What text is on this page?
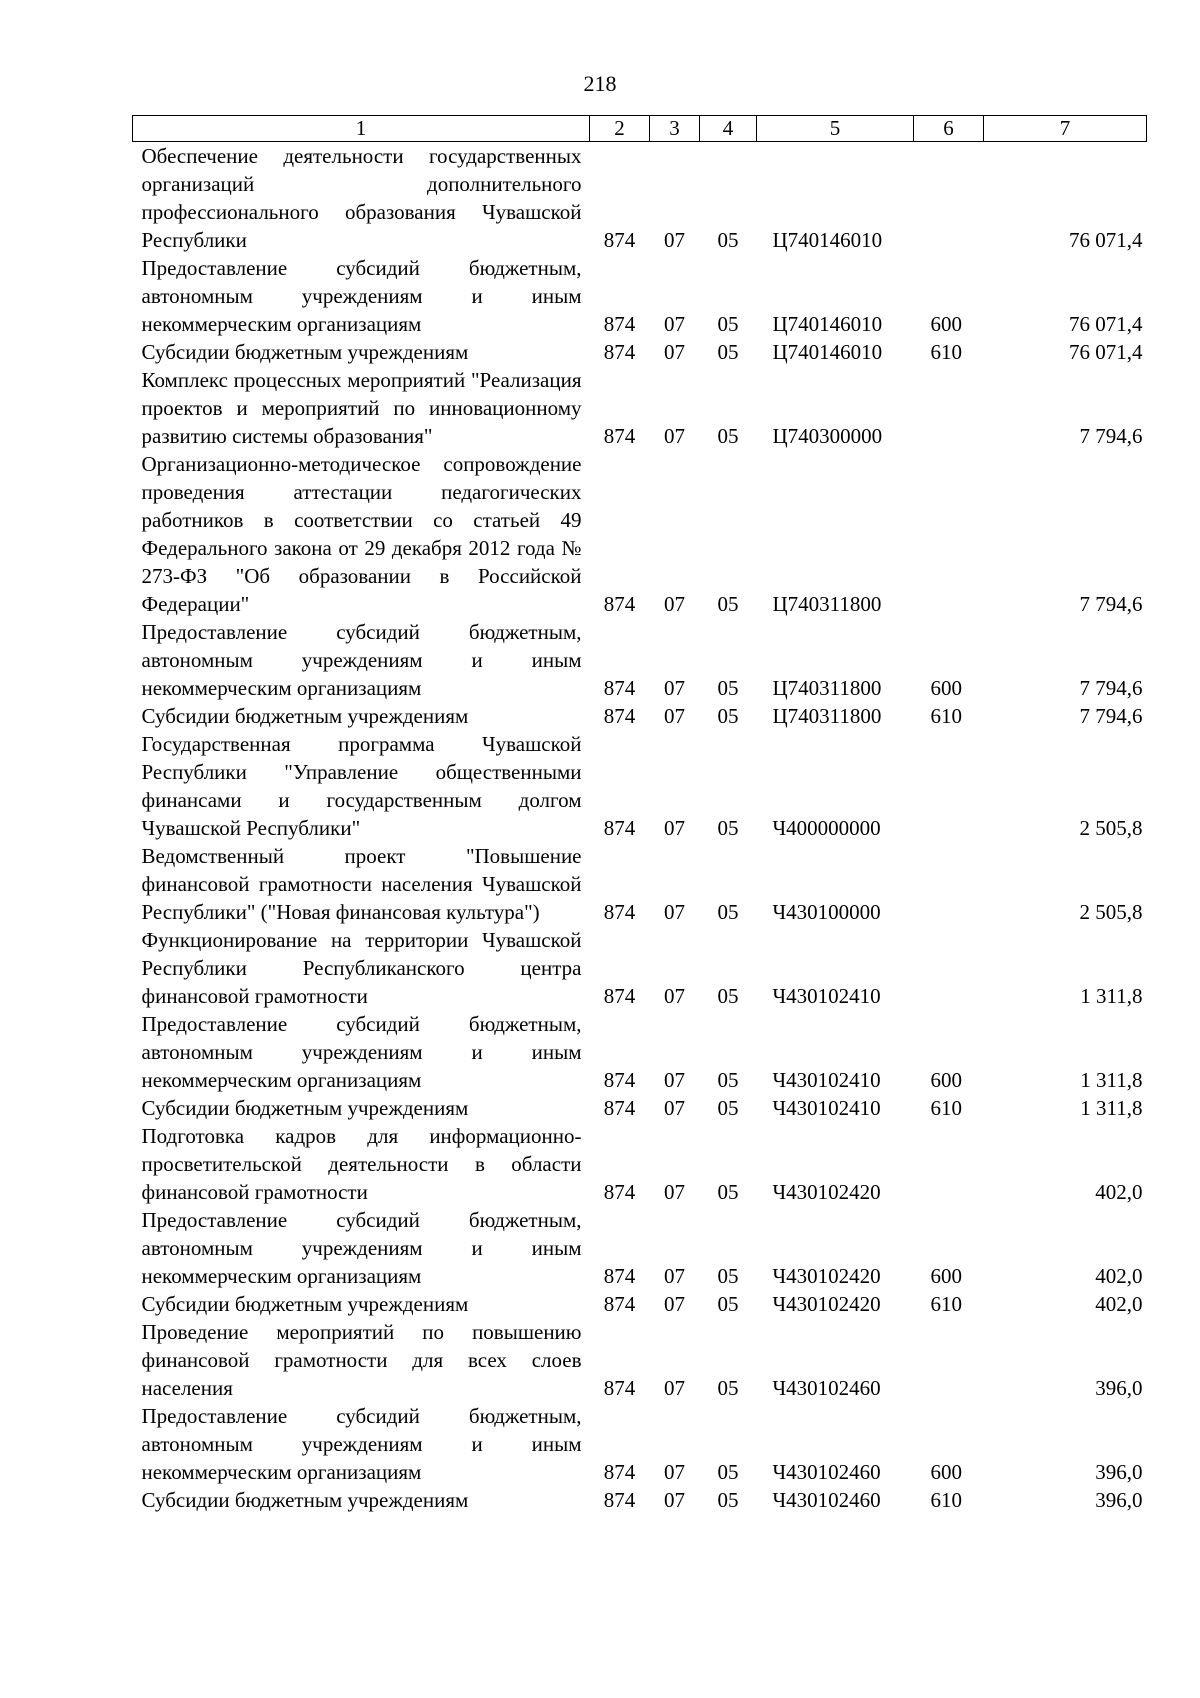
218
1	2	3	4	5	6	7
Обеспечение деятельности государственных организаций дополнительного профессионального образования Чувашской Республики	874	07	05	Ц740146010		76 071,4
Предоставление субсидий бюджетным, автономным учреждениям и иным некоммерческим организациям	874	07	05	Ц740146010	600	76 071,4
Субсидии бюджетным учреждениям	874	07	05	Ц740146010	610	76 071,4
Комплекс процессных мероприятий "Реализация проектов и мероприятий по инновационному развитию системы образования"	874	07	05	Ц740300000		7 794,6
Организационно-методическое сопровождение проведения аттестации педагогических работников в соответствии со статьей 49 Федерального закона от 29 декабря 2012 года № 273-ФЗ "Об образовании в Российской Федерации"	874	07	05	Ц740311800		7 794,6
Предоставление субсидий бюджетным, автономным учреждениям и иным некоммерческим организациям	874	07	05	Ц740311800	600	7 794,6
Субсидии бюджетным учреждениям	874	07	05	Ц740311800	610	7 794,6
Государственная программа Чувашской Республики "Управление общественными финансами и государственным долгом Чувашской Республики"	874	07	05	Ч400000000		2 505,8
Ведомственный проект "Повышение финансовой грамотности населения Чувашской Республики" ("Новая финансовая культура")	874	07	05	Ч430100000		2 505,8
Функционирование на территории Чувашской Республики Республиканского центра финансовой грамотности	874	07	05	Ч430102410		1 311,8
Предоставление субсидий бюджетным, автономным учреждениям и иным некоммерческим организациям	874	07	05	Ч430102410	600	1 311,8
Субсидии бюджетным учреждениям	874	07	05	Ч430102410	610	1 311,8
Подготовка кадров для информационно-просветительской деятельности в области финансовой грамотности	874	07	05	Ч430102420		402,0
Предоставление субсидий бюджетным, автономным учреждениям и иным некоммерческим организациям	874	07	05	Ч430102420	600	402,0
Субсидии бюджетным учреждениям	874	07	05	Ч430102420	610	402,0
Проведение мероприятий по повышению финансовой грамотности для всех слоев населения	874	07	05	Ч430102460		396,0
Предоставление субсидий бюджетным, автономным учреждениям и иным некоммерческим организациям	874	07	05	Ч430102460	600	396,0
Субсидии бюджетным учреждениям	874	07	05	Ч430102460	610	396,0
